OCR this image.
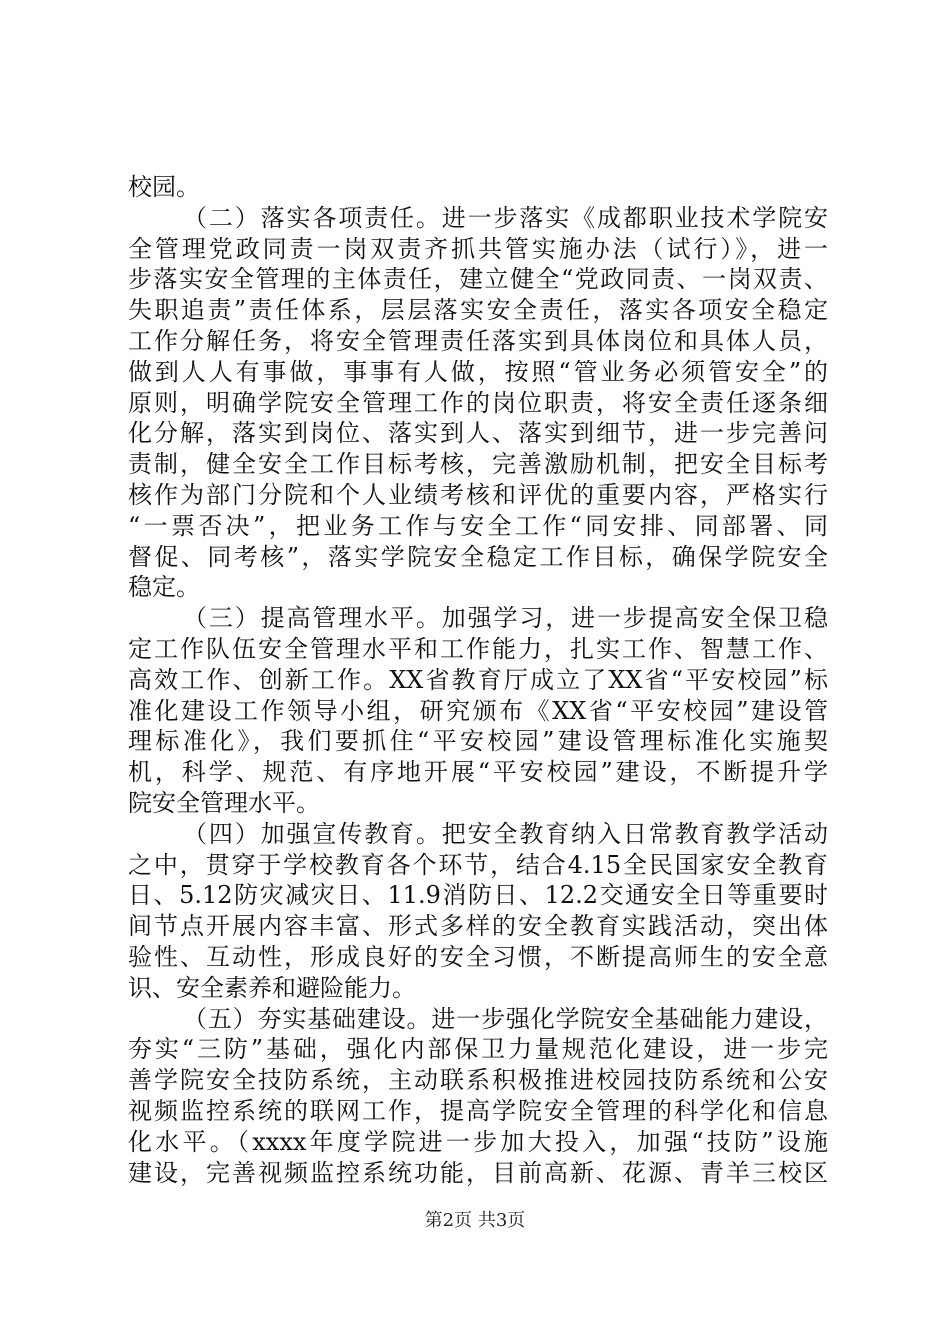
第2页 共3页
校园。
（二）落实各项责任。进一步落实《成都职业技术学院安
全管理党政同责一岗双责齐抓共管实施办法（试行）》，进一
步落实安全管理的主体责任，建立健全“党政同责、一岗双责、
失职追责”责任体系，层层落实安全责任，落实各项安全稳定
工作分解任务，将安全管理责任落实到具体岗位和具体人员，
做到人人有事做，事事有人做，按照“管业务必须管安全”的
原则，明确学院安全管理工作的岗位职责，将安全责任逐条细
化分解，落实到岗位、落实到人、落实到细节，进一步完善问
责制，健全安全工作目标考核，完善激励机制，把安全目标考
核作为部门分院和个人业绩考核和评优的重要内容，严格实行
“一票否决”，把业务工作与安全工作“同安排、同部署、同
督促、同考核”，落实学院安全稳定工作目标，确保学院安全
稳定。
（三）提高管理水平。加强学习，进一步提高安全保卫稳
定工作队伍安全管理水平和工作能力，扎实工作、智慧工作、
高效工作、创新工作。XX省教育厅成立了XX省“平安校园”标
准化建设工作领导小组，研究颁布《XX省“平安校园”建设管
理标准化》，我们要抓住“平安校园”建设管理标准化实施契
机，科学、规范、有序地开展“平安校园”建设，不断提升学
院安全管理水平。
（四）加强宣传教育。把安全教育纳入日常教育教学活动
之中，贯穿于学校教育各个环节，结合4.15全民国家安全教育
日、5.12防灾减灾日、11.9消防日、12.2交通安全日等重要时
间节点开展内容丰富、形式多样的安全教育实践活动，突出体
验性、互动性，形成良好的安全习惯，不断提高师生的安全意
识、安全素养和避险能力。
（五）夯实基础建设。进一步强化学院安全基础能力建设，
夯实“三防”基础，强化内部保卫力量规范化建设，进一步完
善学院安全技防系统，主动联系积极推进校园技防系统和公安
视频监控系统的联网工作，提高学院安全管理的科学化和信息
化水平。（xxxx年度学院进一步加大投入，加强“技防”设施
建设，完善视频监控系统功能，目前高新、花源、青羊三校区
